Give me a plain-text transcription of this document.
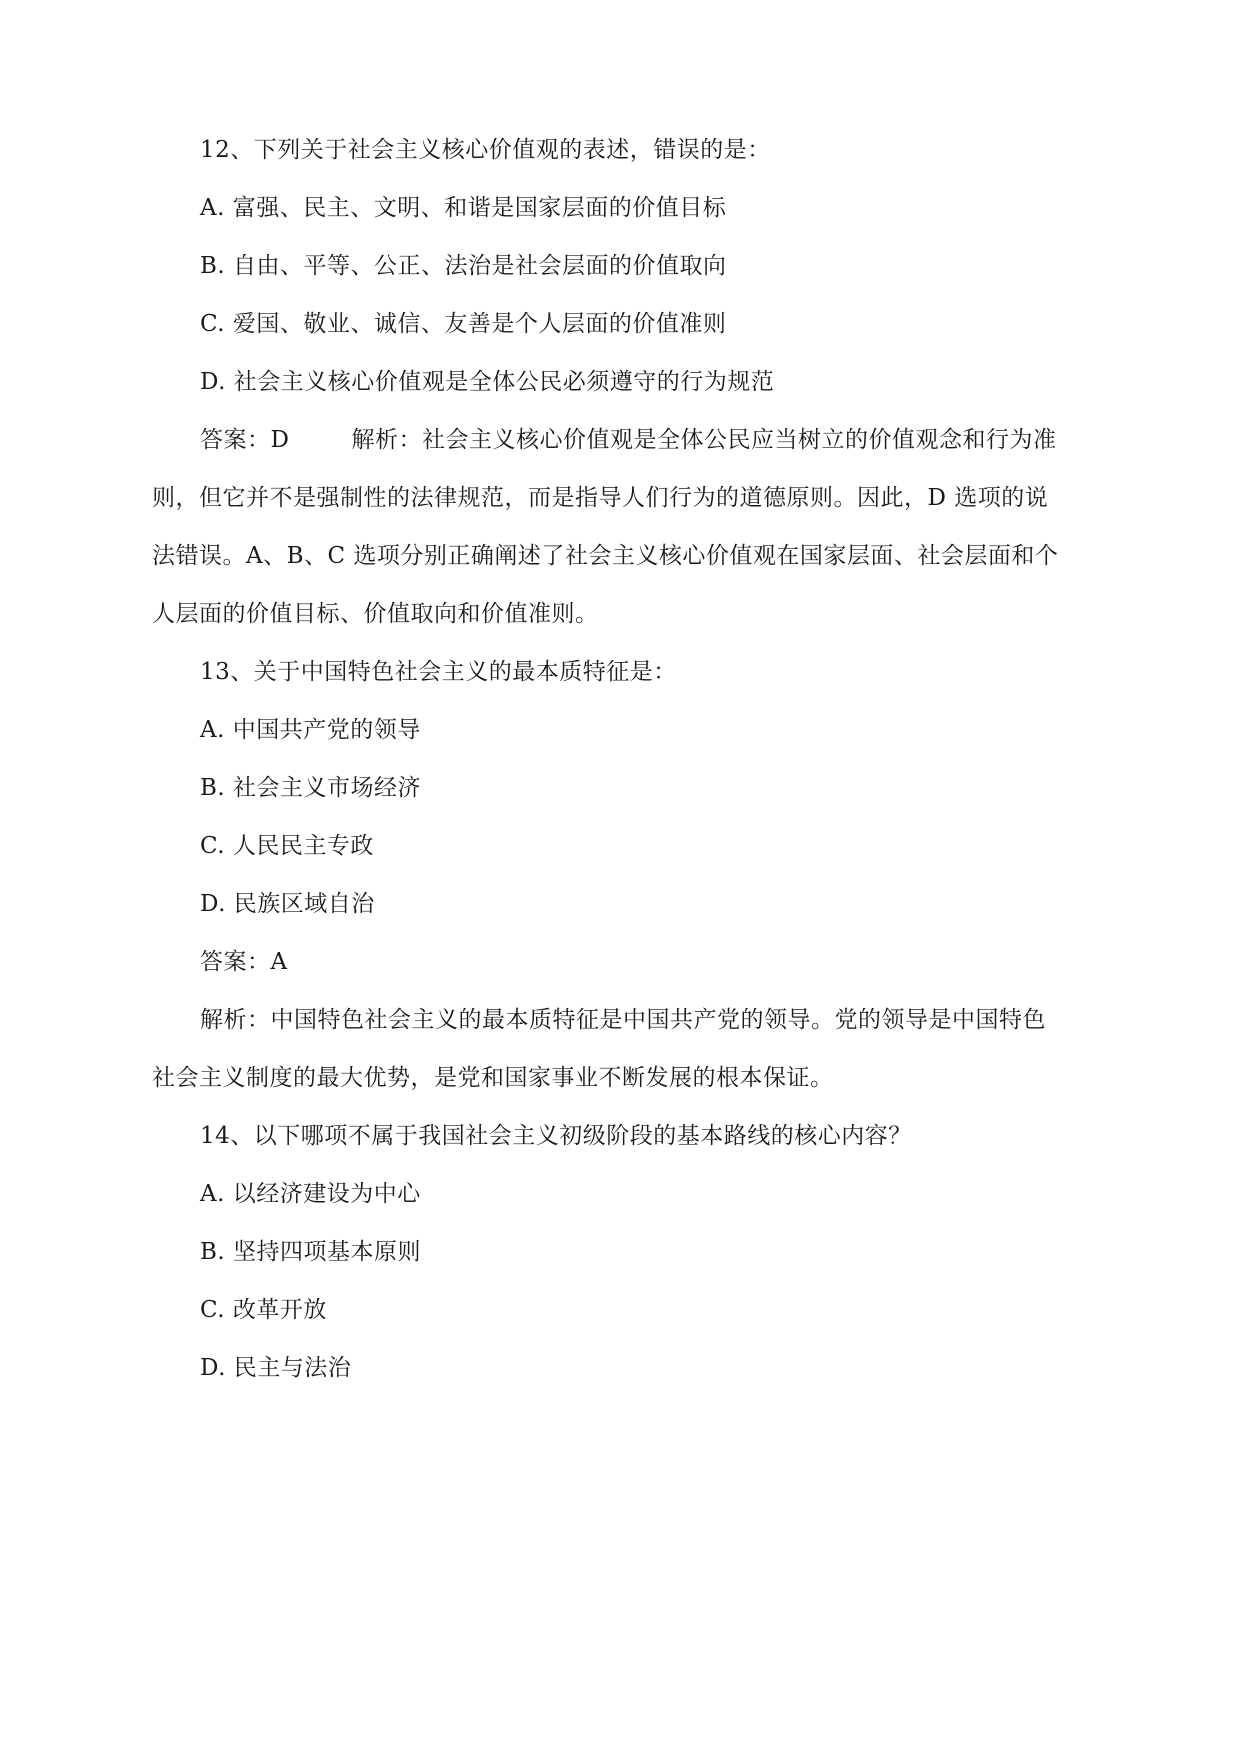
12、下列关于社会主义核心价值观的表述，错误的是：
A. 富强、民主、文明、和谐是国家层面的价值目标
B. 自由、平等、公正、法治是社会层面的价值取向
C. 爱国、敬业、诚信、友善是个人层面的价值准则
D. 社会主义核心价值观是全体公民必须遵守的行为规范
答案：D	解析：社会主义核心价值观是全体公民应当树立的价值观念和行为准
则，但它并不是强制性的法律规范，而是指导人们行为的道德原则。因此，D 选项的说
法错误。A、B、C 选项分别正确阐述了社会主义核心价值观在国家层面、社会层面和个
人层面的价值目标、价值取向和价值准则。
13、关于中国特色社会主义的最本质特征是：
A. 中国共产党的领导
B. 社会主义市场经济
C. 人民民主专政
D. 民族区域自治
答案：A
解析：中国特色社会主义的最本质特征是中国共产党的领导。党的领导是中国特色
社会主义制度的最大优势，是党和国家事业不断发展的根本保证。
14、以下哪项不属于我国社会主义初级阶段的基本路线的核心内容？
A. 以经济建设为中心
B. 坚持四项基本原则
C. 改革开放
D. 民主与法治
